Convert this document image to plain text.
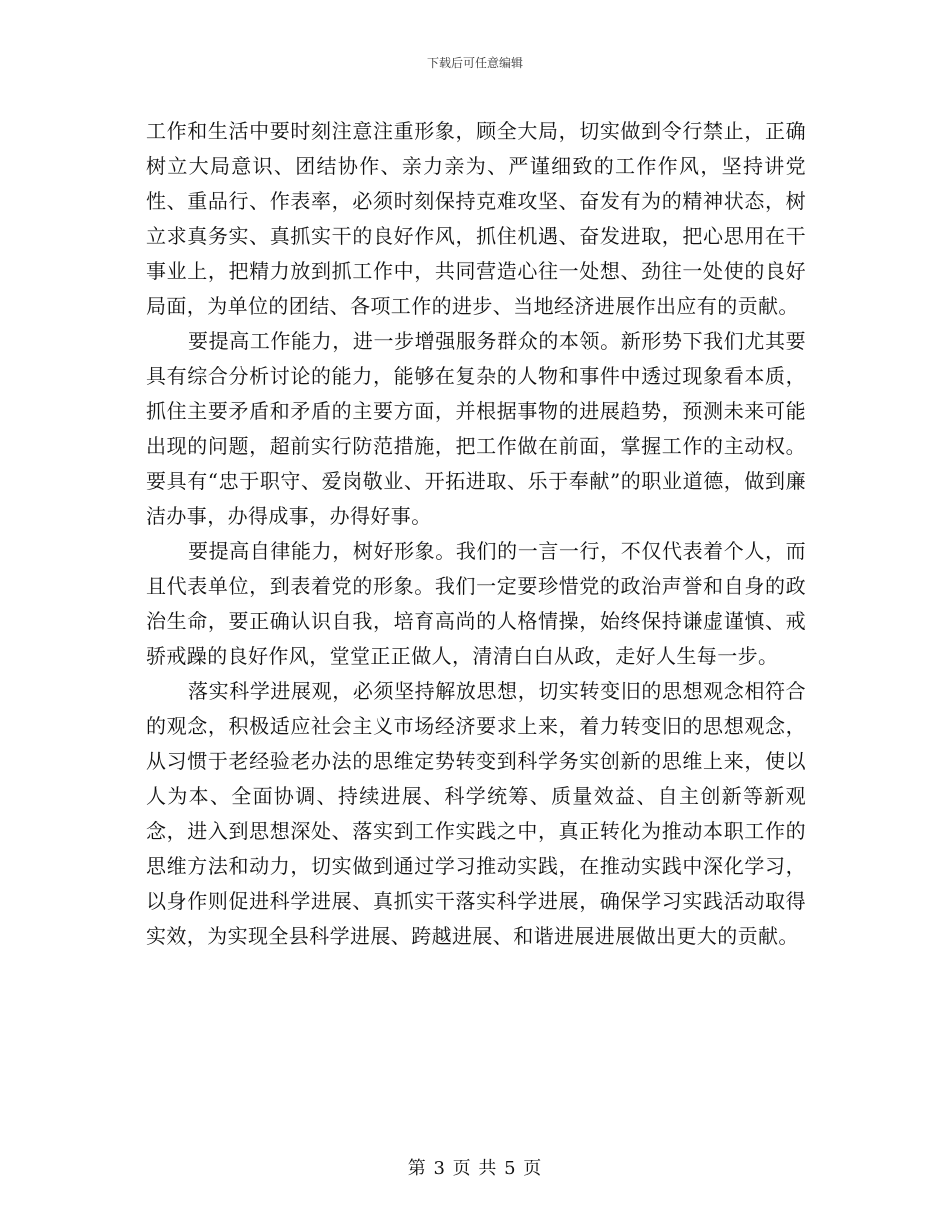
下载后可任意编辑

工作和生活中要时刻注意注重形象，顾全大局，切实做到令行禁止，正确树立大局意识、团结协作、亲力亲为、严谨细致的工作作风，坚持讲党性、重品行、作表率，必须时刻保持克难攻坚、奋发有为的精神状态，树立求真务实、真抓实干的良好作风，抓住机遇、奋发进取，把心思用在干事业上，把精力放到抓工作中，共同营造心往一处想、劲往一处使的良好局面，为单位的团结、各项工作的进步、当地经济进展作出应有的贡献。

要提高工作能力，进一步增强服务群众的本领。新形势下我们尤其要具有综合分析讨论的能力，能够在复杂的人物和事件中透过现象看本质，抓住主要矛盾和矛盾的主要方面，并根据事物的进展趋势，预测未来可能出现的问题，超前实行防范措施，把工作做在前面，掌握工作的主动权。要具有“忠于职守、爱岗敬业、开拓进取、乐于奉献”的职业道德，做到廉洁办事，办得成事，办得好事。

要提高自律能力，树好形象。我们的一言一行，不仅代表着个人，而且代表单位，到表着党的形象。我们一定要珍惜党的政治声誉和自身的政治生命，要正确认识自我，培育高尚的人格情操，始终保持谦虚谨慎、戒骄戒躁的良好作风，堂堂正正做人，清清白白从政，走好人生每一步。

落实科学进展观，必须坚持解放思想，切实转变旧的思想观念相符合的观念，积极适应社会主义市场经济要求上来，着力转变旧的思想观念，从习惯于老经验老办法的思维定势转变到科学务实创新的思维上来，使以人为本、全面协调、持续进展、科学统筹、质量效益、自主创新等新观念，进入到思想深处、落实到工作实践之中，真正转化为推动本职工作的思维方法和动力，切实做到通过学习推动实践，在推动实践中深化学习，以身作则促进科学进展、真抓实干落实科学进展，确保学习实践活动取得实效，为实现全县科学进展、跨越进展、和谐进展进展做出更大的贡献。

第 3 页 共 5 页
